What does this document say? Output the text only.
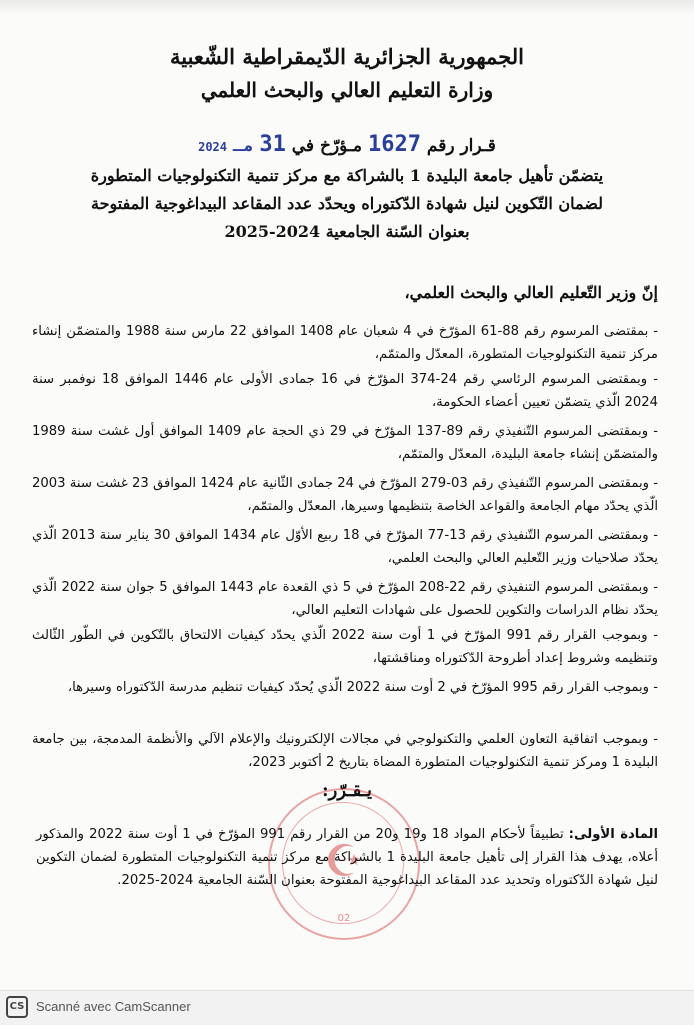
الجمهورية الجزائرية الدّيمقراطية الشّعبية
وزارة التعليم العالي والبحث العلمي
قـرار رقم 1627 مـؤرّخ في 31 مـ 2024
يتضمّن تأهيل جامعة البليدة 1 بالشراكة مع مركز تنمية التكنولوجيات المتطورة
لضمان التّكوين لنيل شهادة الدّكتوراه ويحدّد عدد المقاعد البيداغوجية المفتوحة
بعنوان السّنة الجامعية 2024-2025
إنّ وزير التّعليم العالي والبحث العلمي،
- بمقتضى المرسوم رقم 88-61 المؤرّخ في 4 شعبان عام 1408 الموافق 22 مارس سنة 1988 والمتضمّن إنشاء مركز تنمية التكنولوجيات المتطورة، المعدّل والمتمّم،
- وبمقتضى المرسوم الرئاسي رقم 24-374 المؤرّخ في 16 جمادى الأولى عام 1446 الموافق 18 نوفمبر سنة 2024 الّذي يتضمّن تعيين أعضاء الحكومة،
- وبمقتضى المرسوم التّنفيذي رقم 89-137 المؤرّخ في 29 ذي الحجة عام 1409 الموافق أول غشت سنة 1989 والمتضمّن إنشاء جامعة البليدة، المعدّل والمتمّم،
- وبمقتضى المرسوم التّنفيذي رقم 03-279 المؤرّخ في 24 جمادى الثّانية عام 1424 الموافق 23 غشت سنة 2003 الّذي يحدّد مهام الجامعة والقواعد الخاصة بتنظيمها وسيرها، المعدّل والمتمّم،
- وبمقتضى المرسوم التّنفيذي رقم 13-77 المؤرّخ في 18 ربيع الأوّل عام 1434 الموافق 30 يناير سنة 2013 الّذي يحدّد صلاحيات وزير التّعليم العالي والبحث العلمي،
- وبمقتضى المرسوم التنفيذي رقم 22-208 المؤرّخ في 5 ذي القعدة عام 1443 الموافق 5 جوان سنة 2022 الّذي يحدّد نظام الدراسات والتكوين للحصول على شهادات التعليم العالي،
- وبموجب القرار رقم 991 المؤرّخ في 1 أوت سنة 2022 الّذي يحدّد كيفيات الالتحاق بالتّكوين في الطّور الثّالث وتنظيمه وشروط إعداد أطروحة الدّكتوراه ومناقشتها،
- وبموجب القرار رقم 995 المؤرّخ في 2 أوت سنة 2022 الّذي يُحدّد كيفيات تنظيم مدرسة الدّكتوراه وسيرها،
- وبموجب اتفاقية التعاون العلمي والتكنولوجي في مجالات الإلكترونيك والإعلام الآلي والأنظمة المدمجة، بين جامعة البليدة 1 ومركز تنمية التكنولوجيات المتطورة المضاة بتاريخ 2 أكتوبر 2023،
يـقـرّر:
☪
02
المادة الأولى: تطبيقاً لأحكام المواد 18 و19 و20 من القرار رقم 991 المؤرّخ في 1 أوت سنة 2022 والمذكور أعلاه، يهدف هذا القرار إلى تأهيل جامعة البليدة 1 بالشراكة مع مركز تنمية التكنولوجيات المتطورة لضمان التكوين لنيل شهادة الدّكتوراه وتحديد عدد المقاعد البيداغوجية المفتوحة بعنوان السّنة الجامعية 2024-2025.
CS Scanné avec CamScanner
